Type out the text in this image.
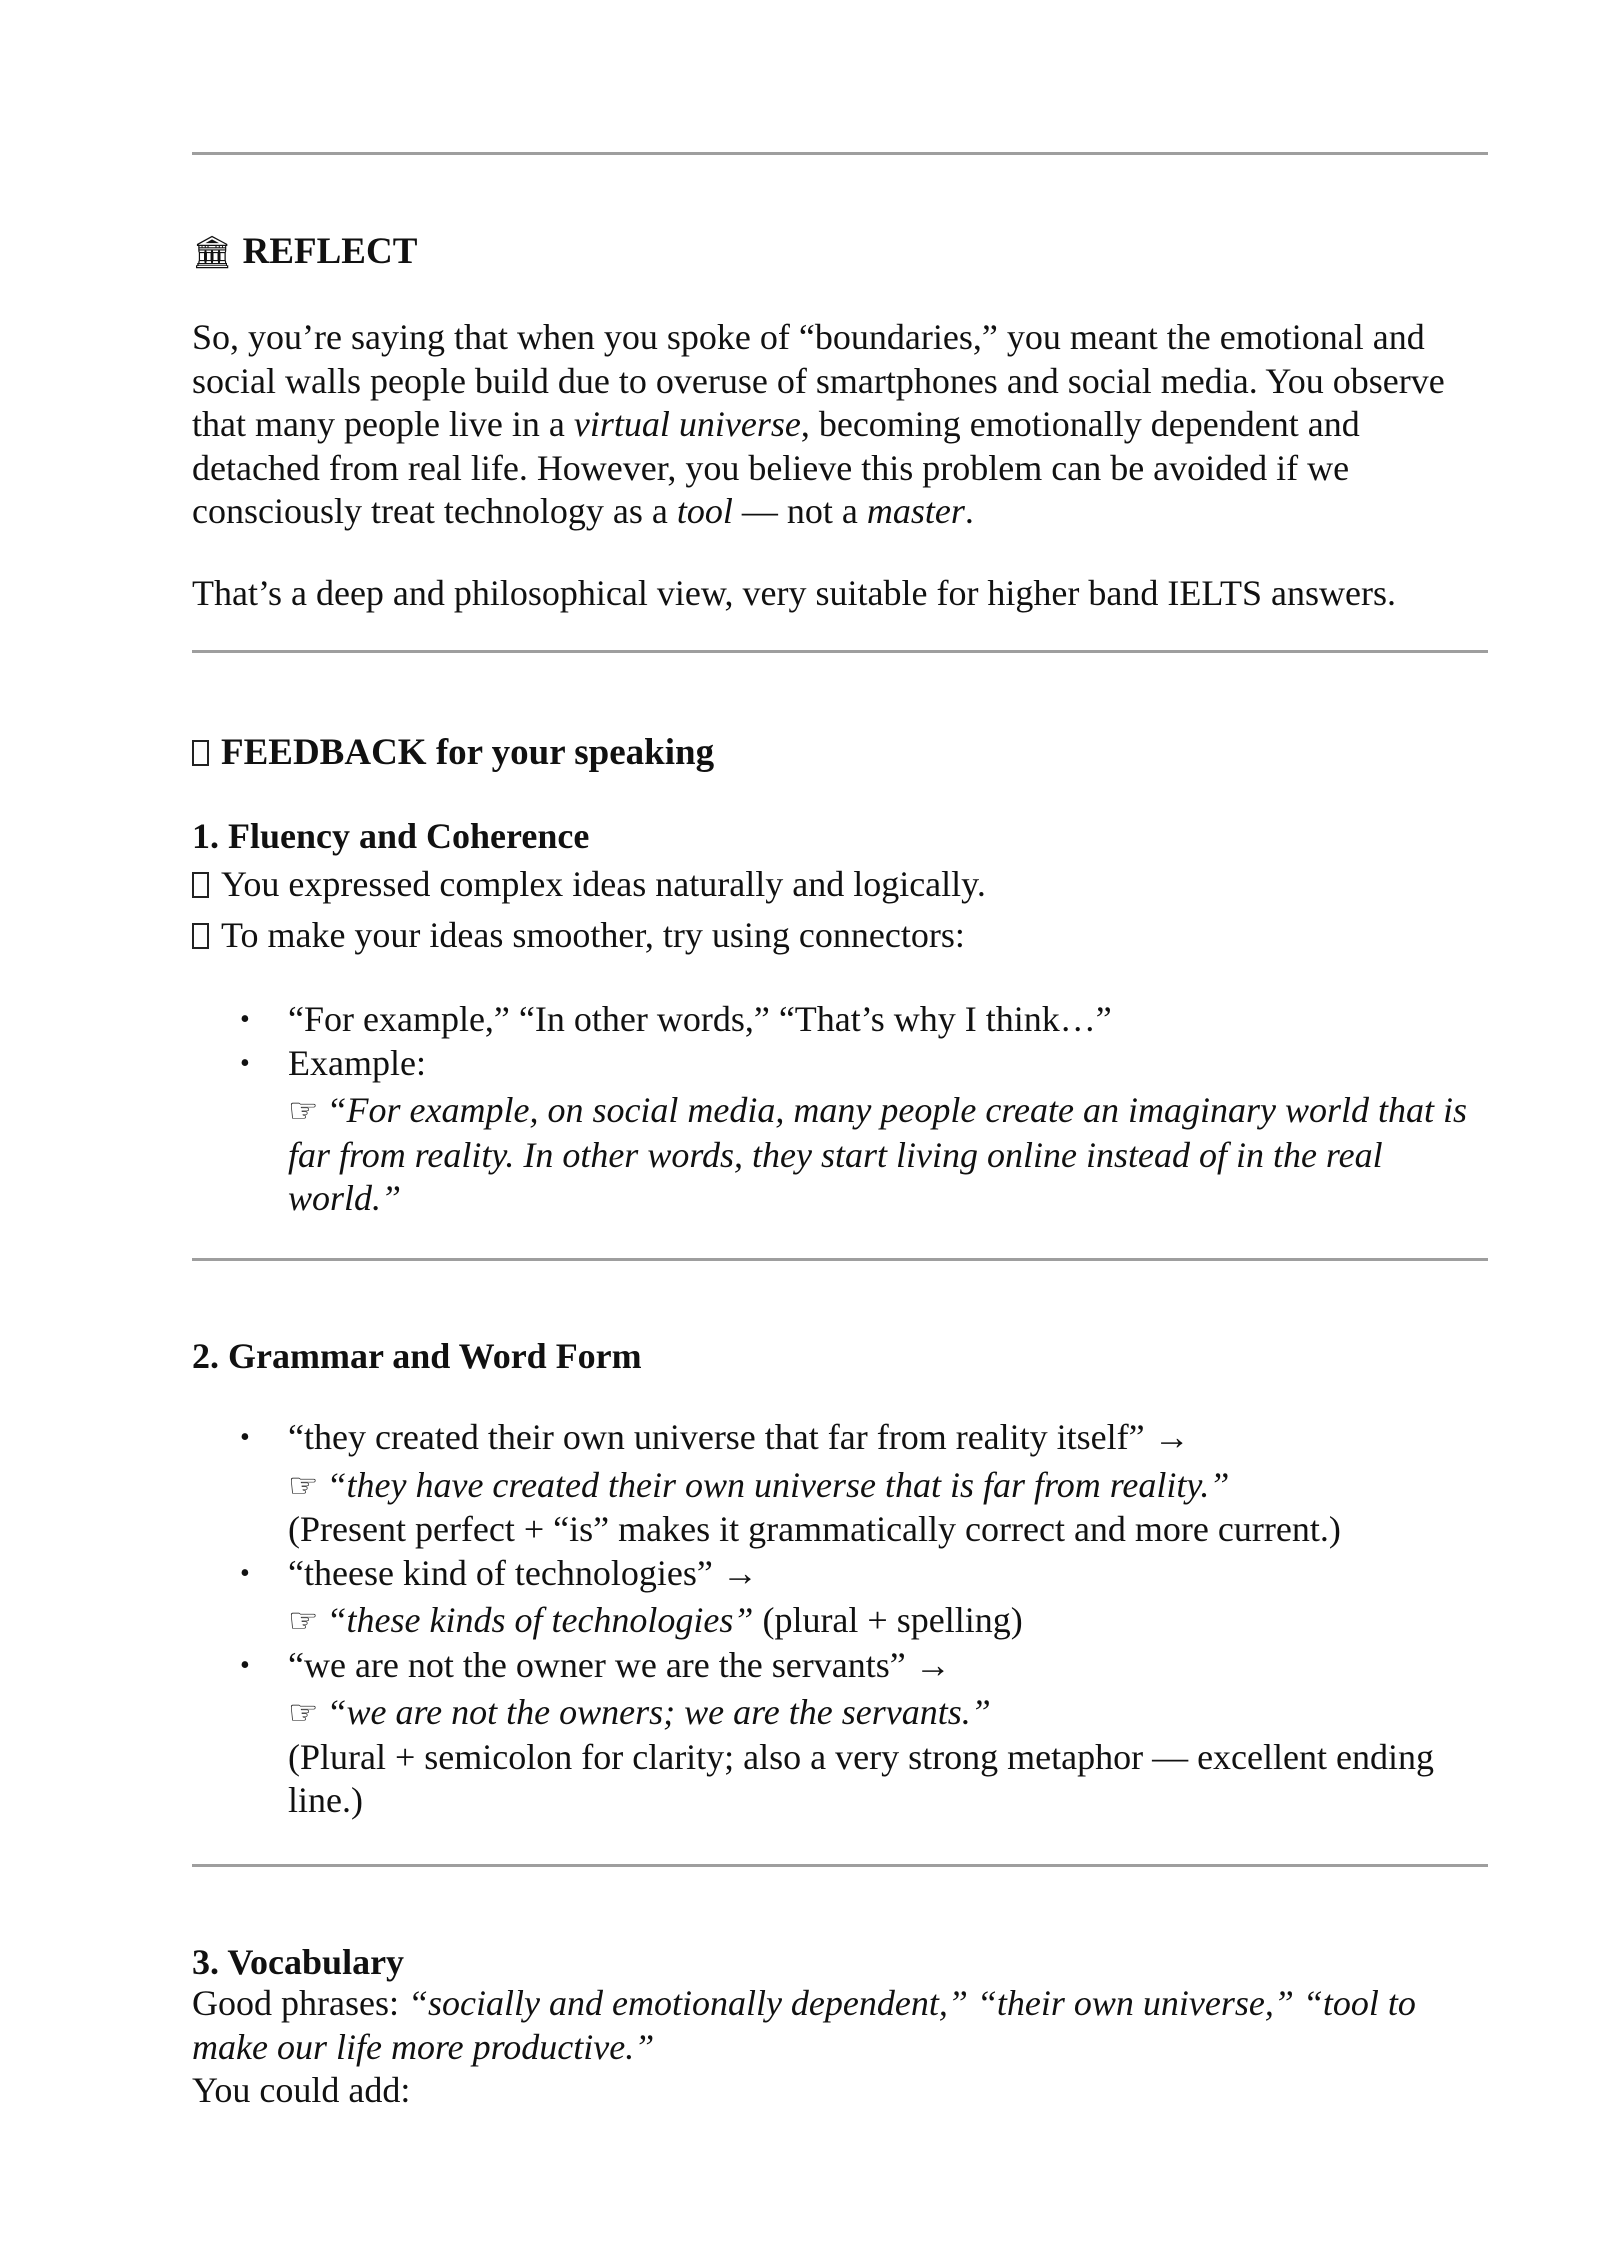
🏛 REFLECT
So, you’re saying that when you spoke of “boundaries,” you meant the emotional and social walls people build due to overuse of smartphones and social media. You observe that many people live in a virtual universe, becoming emotionally dependent and detached from real life. However, you believe this problem can be avoided if we consciously treat technology as a tool — not a master.
That’s a deep and philosophical view, very suitable for higher band IELTS answers.
FEEDBACK for your speaking
1. Fluency and Coherence
You expressed complex ideas naturally and logically.
To make your ideas smoother, try using connectors:
• “For example,” “In other words,” “That’s why I think…”
• Example:
☞ “For example, on social media, many people create an imaginary world that is far from reality. In other words, they start living online instead of in the real world.”
2. Grammar and Word Form
• “they created their own universe that far from reality itself” →
☞ “they have created their own universe that is far from reality.”
(Present perfect + “is” makes it grammatically correct and more current.)
• “theese kind of technologies” →
☞ “these kinds of technologies” (plural + spelling)
• “we are not the owner we are the servants” →
☞ “we are not the owners; we are the servants.”
(Plural + semicolon for clarity; also a very strong metaphor — excellent ending line.)
3. Vocabulary
Good phrases: “socially and emotionally dependent,” “their own universe,” “tool to make our life more productive.”
You could add:
